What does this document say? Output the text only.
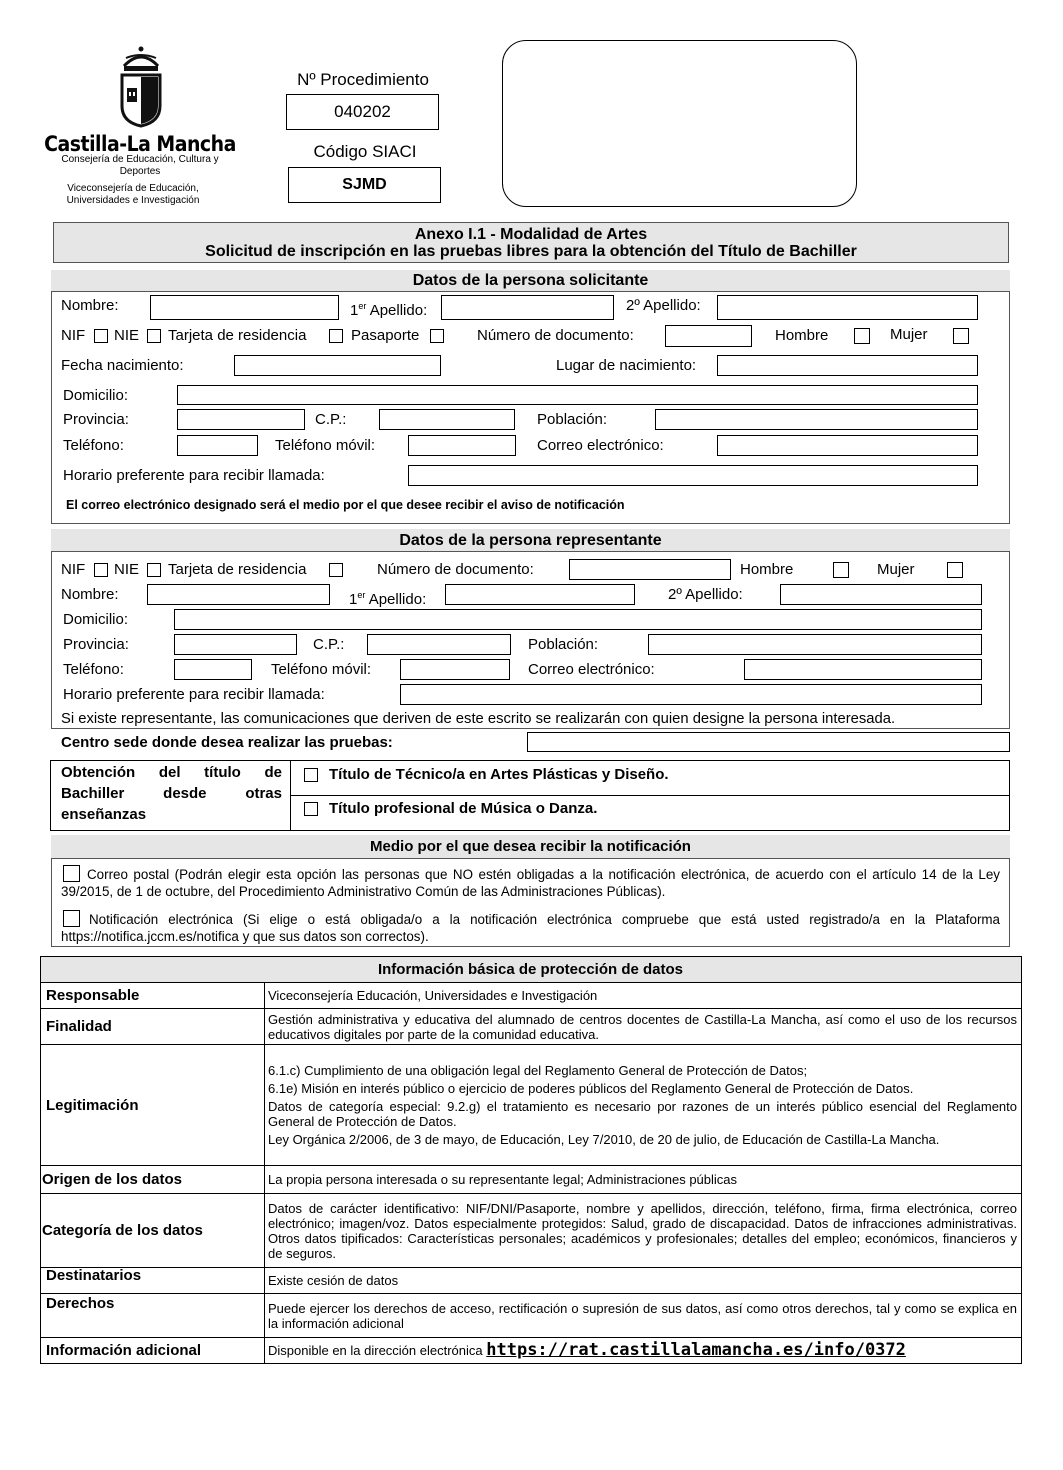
Castilla-La Mancha
Consejería de Educación, Cultura y Deportes
Viceconsejería de Educación, Universidades e Investigación
Nº Procedimiento
040202
Código SIACI
SJMD
Anexo I.1 - Modalidad de Artes
Solicitud de inscripción en las pruebas libres para la obtención del Título de Bachiller
Datos de la persona solicitante
Nombre:	1er Apellido:	2º Apellido:
NIF NIE Tarjeta de residencia	Pasaporte	Número de documento:	Hombre	Mujer
Fecha nacimiento:	Lugar de nacimiento:
Domicilio:
Provincia:	C.P.:	Población:
Teléfono:	Teléfono móvil:	Correo electrónico:
Horario preferente para recibir llamada:
El correo electrónico designado será el medio por el que desee recibir el aviso de notificación
Datos de la persona representante
NIF NIE Tarjeta de residencia	Número de documento:	Hombre	Mujer
Nombre:	1er Apellido:	2º Apellido:
Domicilio:
Provincia:	C.P.:	Población:
Teléfono:	Teléfono móvil:	Correo electrónico:
Horario preferente para recibir llamada:
Si existe representante, las comunicaciones que deriven de este escrito se realizarán con quien designe la persona interesada.
Centro sede donde desea realizar las pruebas:
Obtención del título de Bachiller desde otras enseñanzas
Título de Técnico/a en Artes Plásticas y Diseño.
Título profesional de Música o Danza.
Medio por el que desea recibir la notificación
Correo postal (Podrán elegir esta opción las personas que NO estén obligadas a la notificación electrónica, de acuerdo con el artículo 14 de la Ley 39/2015, de 1 de octubre, del Procedimiento Administrativo Común de las Administraciones Públicas).
Notificación electrónica (Si elige o está obligada/o a la notificación electrónica compruebe que está usted registrado/a en la Plataforma https://notifica.jccm.es/notifica y que sus datos son correctos).
Información básica de protección de datos	
Responsable	Viceconsejería Educación, Universidades e Investigación
Finalidad	Gestión administrativa y educativa del alumnado de centros docentes de Castilla-La Mancha, así como el uso de los recursos educativos digitales por parte de la comunidad educativa.
Legitimación	6.1.c) Cumplimiento de una obligación legal del Reglamento General de Protección de Datos;
6.1e) Misión en interés público o ejercicio de poderes públicos del Reglamento General de Protección de Datos.
Datos de categoría especial: 9.2.g) el tratamiento es necesario por razones de un interés público esencial del Reglamento General de Protección de Datos.
Ley Orgánica 2/2006, de 3 de mayo, de Educación, Ley 7/2010, de 20 de julio, de Educación de Castilla-La Mancha.

Origen de los datos	La propia persona interesada o su representante legal; Administraciones públicas
Categoría de los datos	Datos de carácter identificativo: NIF/DNI/Pasaporte, nombre y apellidos, dirección, teléfono, firma, firma electrónica, correo electrónico; imagen/voz. Datos especialmente protegidos: Salud, grado de discapacidad. Datos de infracciones administrativas. Otros datos tipificados: Características personales; académicos y profesionales; detalles del empleo; económicos, financieros y de seguros.
Destinatarios	Existe cesión de datos
Derechos	Puede ejercer los derechos de acceso, rectificación o supresión de sus datos, así como otros derechos, tal y como se explica en la información adicional
Información adicional	Disponible en la dirección electrónica https://rat.castillalamancha.es/info/0372
